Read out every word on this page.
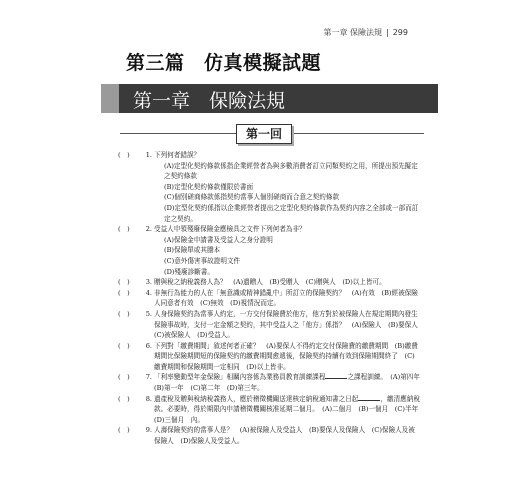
第一章 保險法規 | 299
第三篇　仿真模擬試題
第一章　保險法規
第一回
(　)	1. 下列何者錯誤？
(A)定型化契約條款係指企業經營者為與多數消費者訂立同類契約之用，所提出預先擬定之契約條款
(B)定型化契約條款僅限於書面
(C)個別磋商條款係指契約當事人個別磋商而合意之契約條款
(D)定型化契約係指以企業經營者提出之定型化契約條款作為契約內容之全部或一部而訂定之契約。
(　)	2. 受益人申領殘廢保險金應檢具之文件下列何者為非？
(A)保險金申請書及受益人之身分證明
(B)保險單或其謄本
(C)意外傷害事故證明文件
(D)殘廢診斷書。
(　)	3. 贈與稅之納稅義務人為？　(A)遺贈人　(B)受贈人　(C)贈與人　(D)以上皆可。
(　)	4. 非無行為能力的人在「無意識或精神錯亂中」所訂立的保險契約？　(A)有效　(B)經被保險人同意者有效　(C)無效　(D)視情況而定。
(　)	5. 人身保險契約為當事人約定，一方交付保險費於他方，他方對於被保險人在規定期間內發生保險事故時，支付一定金額之契約，其中受益人之「他方」係指？　(A)保險人　(B)要保人　(C)被保險人　(D)受益人。
(　)	6. 下列對「繳費期間」敘述何者正確？　(A)要保人不得約定交付保險費的繳費期間　(B)繳費期間比保險期間短的保險契約的繳費期間愈遞後，保險契約持續有效到保險期間終了　(C)繳費期間和保險期間一定相同　(D)以上皆非。
(　)	7. 「利率變動型年金保險」相關內容係為業務員教育訓練課程	之課程訓練。　(A)第四年　(B)第一年　(C)第二年　(D)第三年。
(　)	8. 遺產稅及贈與稅納稅義務人，應於稽徵機關送達核定納稅通知書之日起	，繳清應納稅款。必要時，得於期限內申請稽徵機關核准延期二個月。　(A)二個月　(B)一個月　(C)半年　(D)三個月　內。
(　)	9. 人壽保險契約的當事人是？　(A)被保險人及受益人　(B)要保人及保險人　(C)保險人及被保險人　(D)保險人及受益人。
